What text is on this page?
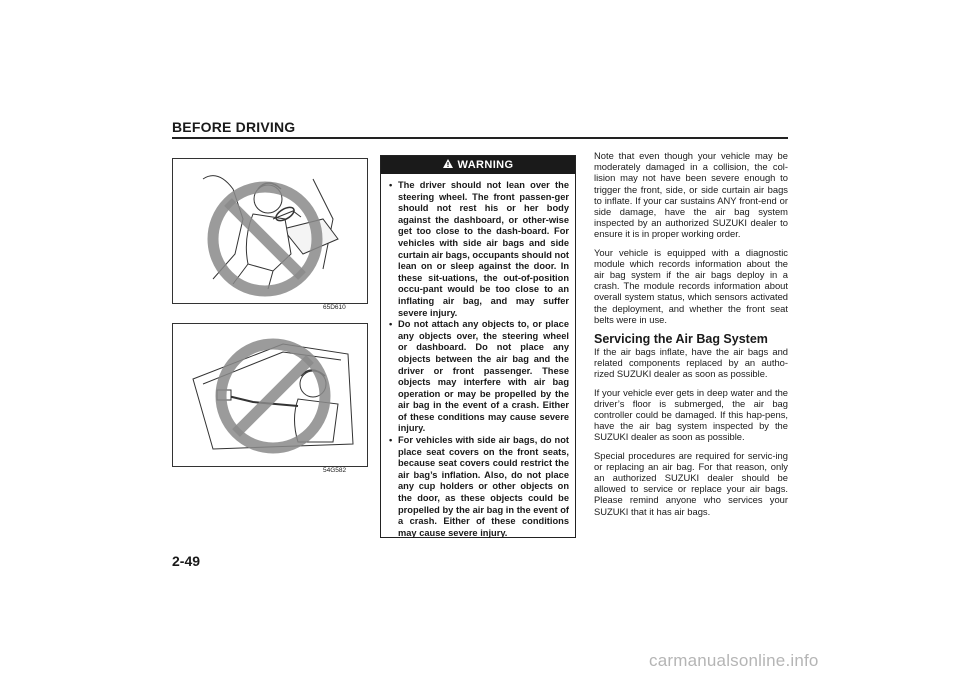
BEFORE DRIVING
65D610
54G582
WARNING
• The driver should not lean over the steering wheel. The front passen-ger should not rest his or her body against the dashboard, or other-wise get too close to the dash-board. For vehicles with side air bags and side curtain air bags, occupants should not lean on or sleep against the door. In these sit-uations, the out-of-position occu-pant would be too close to an inflating air bag, and may suffer severe injury.
• Do not attach any objects to, or place any objects over, the steering wheel or dashboard. Do not place any objects between the air bag and the driver or front passenger. These objects may interfere with air bag operation or may be propelled by the air bag in the event of a crash. Either of these conditions may cause severe injury.
• For vehicles with side air bags, do not place seat covers on the front seats, because seat covers could restrict the air bag’s inflation. Also, do not place any cup holders or other objects on the door, as these objects could be propelled by the air bag in the event of a crash. Either of these conditions may cause severe injury.

Note that even though your vehicle may be moderately damaged in a collision, the col-lision may not have been severe enough to trigger the front, side, or side curtain air bags to inflate. If your car sustains ANY front-end or side damage, have the air bag system inspected by an authorized SUZUKI dealer to ensure it is in proper working order.

Your vehicle is equipped with a diagnostic module which records information about the air bag system if the air bags deploy in a crash. The module records information about overall system status, which sensors activated the deployment, and whether the front seat belts were in use.

Servicing the Air Bag System

If the air bags inflate, have the air bags and related components replaced by an autho-rized SUZUKI dealer as soon as possible.

If your vehicle ever gets in deep water and the driver’s floor is submerged, the air bag controller could be damaged. If this hap-pens, have the air bag system inspected by the SUZUKI dealer as soon as possible.

Special procedures are required for servic-ing or replacing an air bag. For that reason, only an authorized SUZUKI dealer should be allowed to service or replace your air bags. Please remind anyone who services your SUZUKI that it has air bags.

2-49
carmanualsonline.info
